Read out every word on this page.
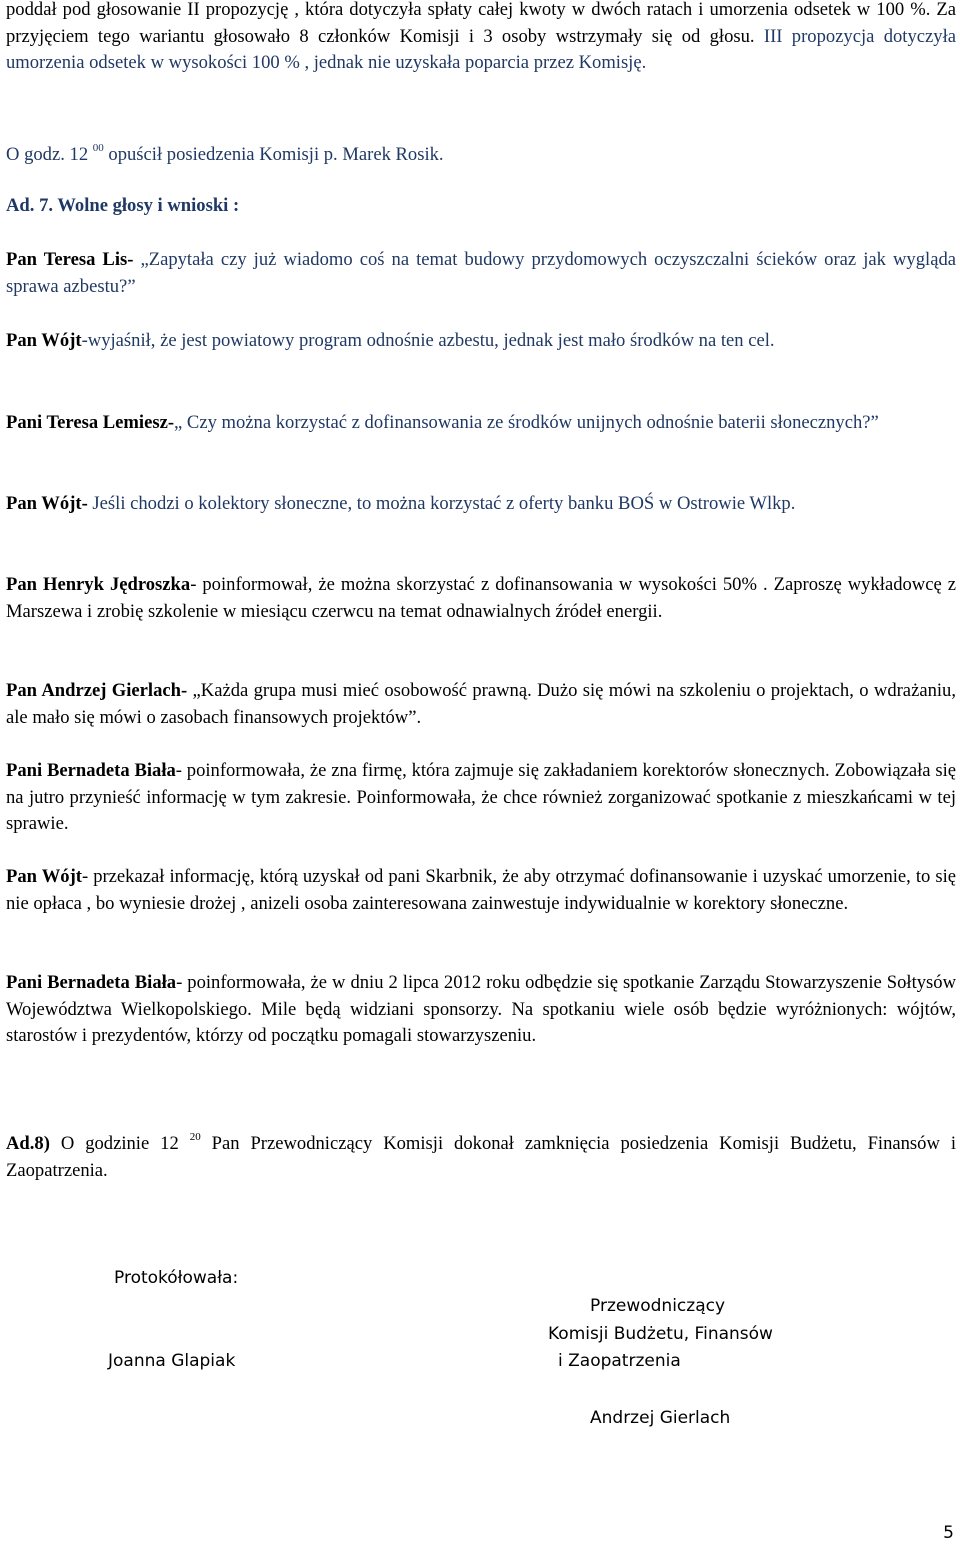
poddał pod głosowanie II propozycję , która dotyczyła spłaty całej kwoty w dwóch ratach i umorzenia odsetek w 100 %. Za przyjęciem tego wariantu głosowało 8 członków Komisji i 3 osoby wstrzymały się od głosu. III propozycja dotyczyła umorzenia odsetek w wysokości 100 % , jednak nie uzyskała poparcia przez Komisję.

O godz. 12 $^{00}$ opuścił posiedzenia Komisji p. Marek Rosik.

Ad. 7. Wolne głosy i wnioski :

Pan Teresa Lis- „Zapytała czy już wiadomo coś na temat budowy przydomowych oczyszczalni ścieków oraz jak wygląda sprawa azbestu?”

Pan Wójt-wyjaśnił, że jest powiatowy program odnośnie azbestu, jednak jest mało środków na ten cel.

Pani Teresa Lemiesz-„ Czy można korzystać z dofinansowania ze środków unijnych odnośnie baterii słonecznych?”

Pan Wójt- Jeśli chodzi o kolektory słoneczne, to można korzystać z oferty banku BOŚ w Ostrowie Wlkp.

Pan Henryk Jędroszka- poinformował, że można skorzystać z dofinansowania w wysokości 50% . Zaproszę wykładowcę z Marszewa i zrobię szkolenie w miesiącu czerwcu na temat odnawialnych źródeł energii.

Pan Andrzej Gierlach- „Każda grupa musi mieć osobowość prawną. Dużo się mówi na szkoleniu o projektach, o wdrażaniu, ale mało się mówi o zasobach finansowych projektów”.

Pani Bernadeta Biała- poinformowała, że zna firmę, która zajmuje się zakładaniem korektorów słonecznych. Zobowiązała się na jutro przynieść informację w tym zakresie. Poinformowała, że chce również zorganizować spotkanie z mieszkańcami w tej sprawie.

Pan Wójt- przekazał informację, którą uzyskał od pani Skarbnik, że aby otrzymać dofinansowanie i uzyskać umorzenie, to się nie opłaca , bo wyniesie drożej , anizeli osoba zainteresowana zainwestuje indywidualnie w korektory słoneczne.

Pani Bernadeta Biała- poinformowała, że w dniu 2 lipca 2012 roku odbędzie się spotkanie Zarządu Stowarzyszenie Sołtysów Województwa Wielkopolskiego. Mile będą widziani sponsorzy. Na spotkaniu wiele osób będzie wyróżnionych: wójtów, starostów i prezydentów, którzy od początku pomagali stowarzyszeniu.

Ad.8) O godzinie 12 $^{20}$ Pan Przewodniczący Komisji dokonał zamknięcia posiedzenia Komisji Budżetu, Finansów i Zaopatrzenia.

Protokółowała:
Joanna Glapiak
Przewodniczący
Komisji Budżetu, Finansów
i Zaopatrzenia
Andrzej Gierlach
5
